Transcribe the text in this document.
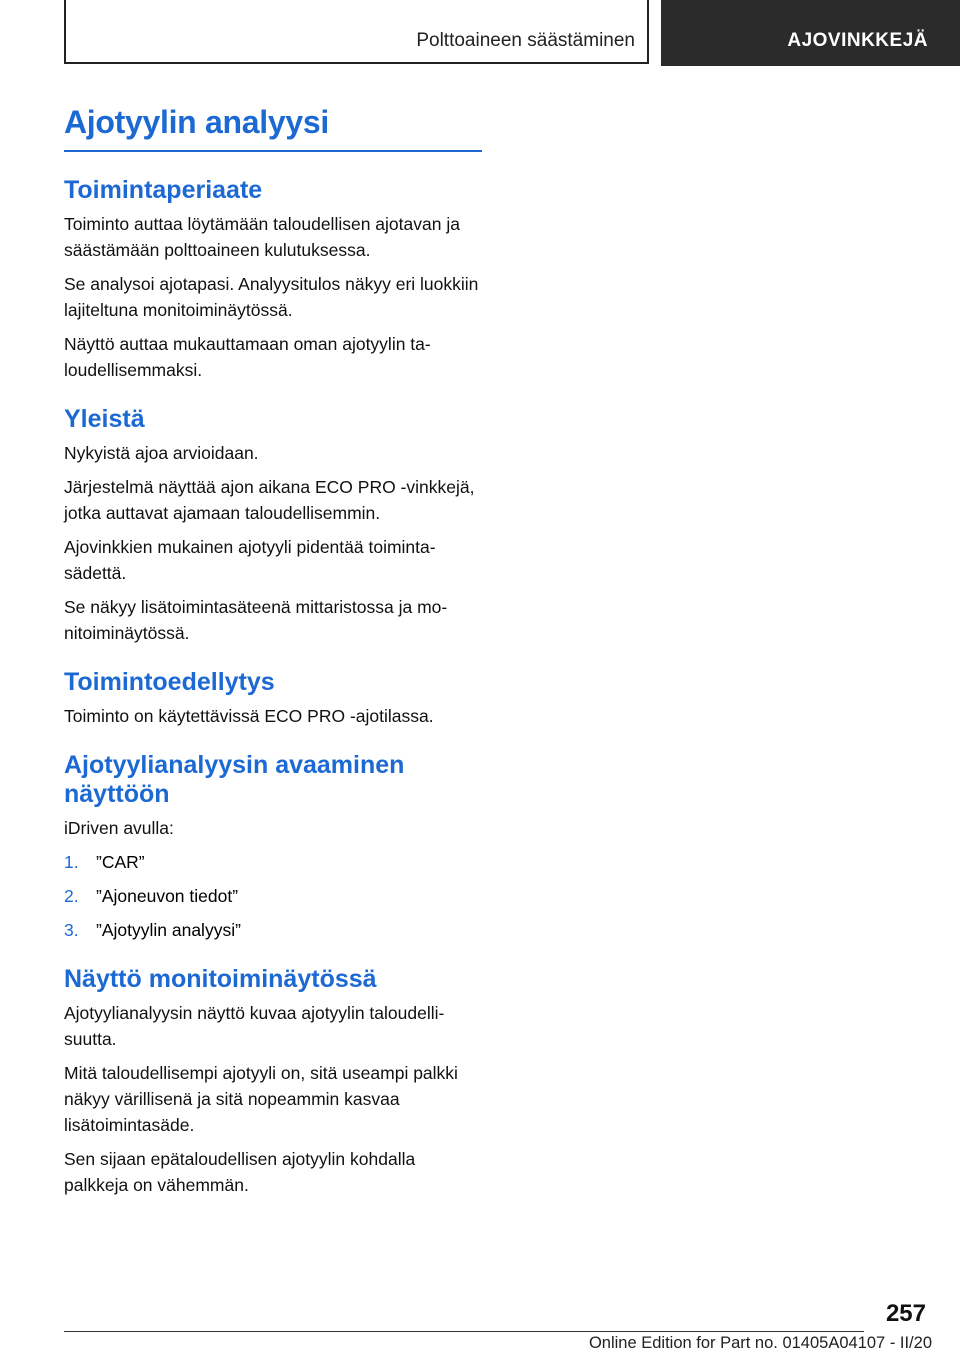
Polttoaineen säästäminen	AJOVINKKEJÄ
Ajotyylin analyysi
Toimintaperiaate

Toiminto auttaa löytämään taloudellisen ajotavan ja säästämään polttoaineen kulutuksessa.

Se analysoi ajotapasi. Analyysitulos näkyy eri luokkiin lajiteltuna monitoiminäytössä.

Näyttö auttaa mukauttamaan oman ajotyylin taloudellisemmaksi.

Yleistä

Nykyistä ajoa arvioidaan.

Järjestelmä näyttää ajon aikana ECO PRO -vinkkejä, jotka auttavat ajamaan taloudellisemmin.

Ajovinkkien mukainen ajotyyli pidentää toimintasädettä.

Se näkyy lisätoimintasäteenä mittaristossa ja monitoiminäytössä.

Toimintoedellytys

Toiminto on käytettävissä ECO PRO -ajotilassa.

Ajotyylianalyysin avaaminen näyttöön

iDriven avulla:

1. ”CAR”
2. ”Ajoneuvon tiedot”
3. ”Ajotyylin analyysi”
Näyttö monitoiminäytössä

Ajotyylianalyysin näyttö kuvaa ajotyylin taloudellisuutta.

Mitä taloudellisempi ajotyyli on, sitä useampi palkki näkyy värillisenä ja sitä nopeammin kasvaa lisätoimintasäde.

Sen sijaan epätaloudellisen ajotyylin kohdalla palkkeja on vähemmän.

257
Online Edition for Part no. 01405A04107 - II/20
